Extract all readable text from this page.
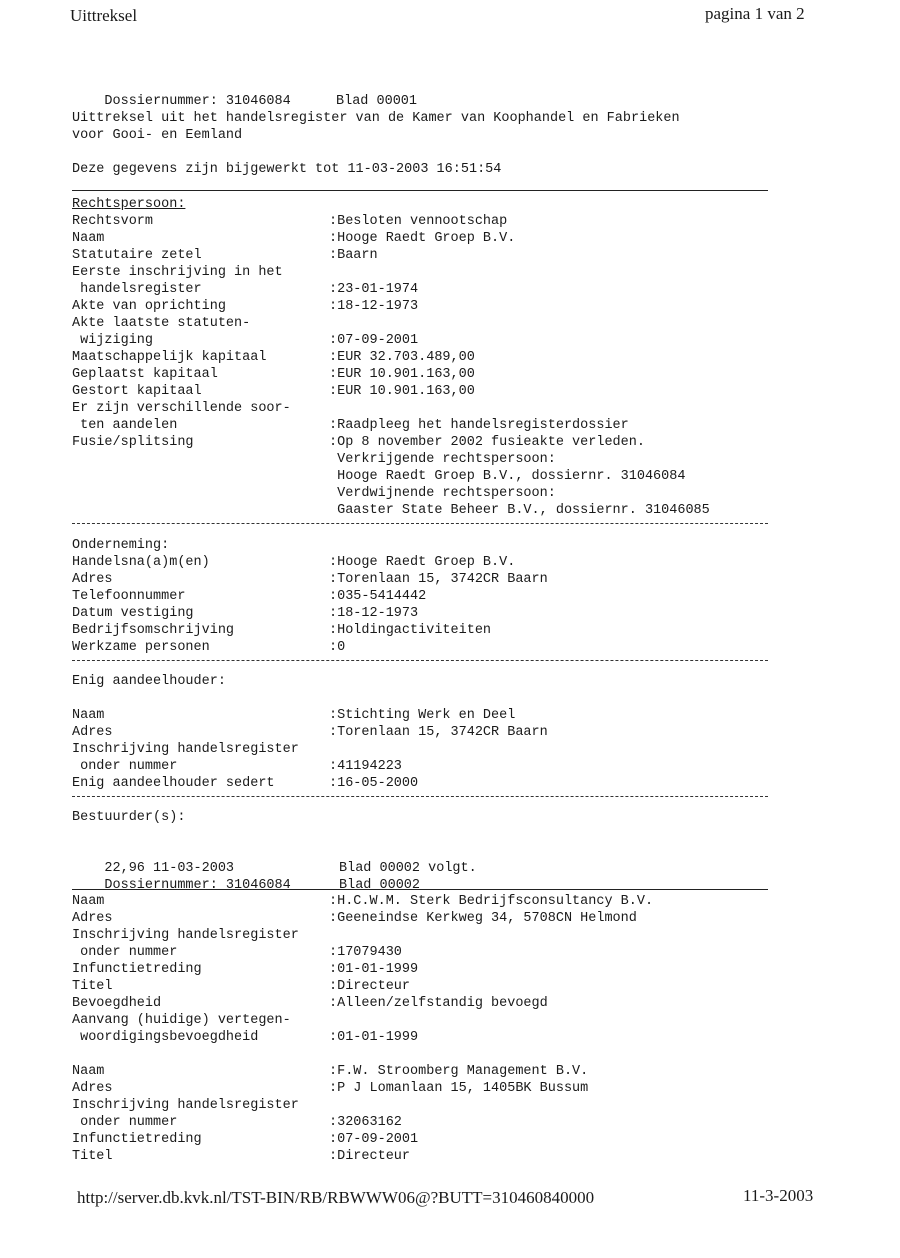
Uittreksel	pagina 1 van 2

Dossiernummer: 31046084	Blad 00001

Uittreksel uit het handelsregister van de Kamer van Koophandel en Fabrieken
voor Gooi- en Eemland
Deze gegevens zijn bijgewerkt tot 11-03-2003 16:51:54
Rechtspersoon:
Rechtsvorm	:Besloten vennootschap
Naam	:Hooge Raedt Groep B.V.
Statutaire zetel	:Baarn
Eerste inschrijving in het
handelsregister	:23-01-1974
Akte van oprichting	:18-12-1973
Akte laatste statuten-
wijziging	:07-09-2001
Maatschappelijk kapitaal	:EUR 32.703.489,00
Geplaatst kapitaal	:EUR 10.901.163,00
Gestort kapitaal	:EUR 10.901.163,00
Er zijn verschillende soor-
ten aandelen	:Raadpleeg het handelsregisterdossier
Fusie/splitsing	:Op 8 november 2002 fusieakte verleden.
Verkrijgende rechtspersoon:
Hooge Raedt Groep B.V., dossiernr. 31046084
Verdwijnende rechtspersoon:
Gaaster State Beheer B.V., dossiernr. 31046085
Onderneming:
Handelsna(a)m(en)	:Hooge Raedt Groep B.V.
Adres	:Torenlaan 15, 3742CR Baarn
Telefoonnummer	:035-5414442
Datum vestiging	:18-12-1973
Bedrijfsomschrijving	:Holdingactiviteiten
Werkzame personen	:0
Enig aandeelhouder:
Naam	:Stichting Werk en Deel
Adres	:Torenlaan 15, 3742CR Baarn
Inschrijving handelsregister
onder nummer	:41194223
Enig aandeelhouder sedert	:16-05-2000
Bestuurder(s):

22,96 11-03-2003	Blad 00002 volgt.

Dossiernummer: 31046084	Blad 00002

Naam	:H.C.W.M. Sterk Bedrijfsconsultancy B.V.
Adres	:Geeneindse Kerkweg 34, 5708CN Helmond
Inschrijving handelsregister
onder nummer	:17079430
Infunctietreding	:01-01-1999
Titel	:Directeur
Bevoegdheid	:Alleen/zelfstandig bevoegd
Aanvang (huidige) vertegen-
woordigingsbevoegdheid	:01-01-1999
Naam	:F.W. Stroomberg Management B.V.
Adres	:P J Lomanlaan 15, 1405BK Bussum
Inschrijving handelsregister
onder nummer	:32063162
Infunctietreding	:07-09-2001
Titel	:Directeur
http://server.db.kvk.nl/TST-BIN/RB/RBWWW06@?BUTT=310460840000	11-3-2003
